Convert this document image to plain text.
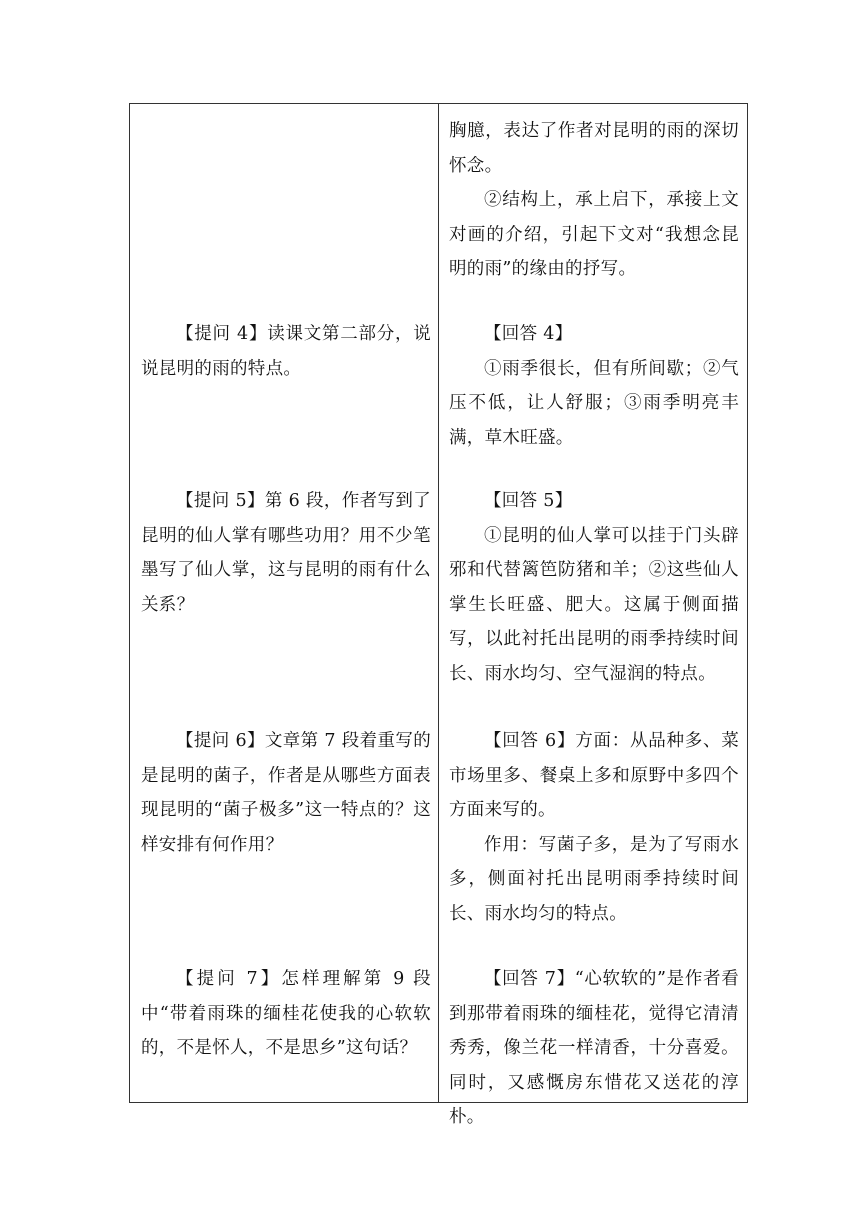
胸臆，表达了作者对昆明的雨的深切怀念。

②结构上，承上启下，承接上文对画的介绍，引起下文对“我想念昆明的雨”的缘由的抒写。

【提问 4】读课文第二部分，说说昆明的雨的特点。

【回答 4】

①雨季很长，但有所间歇；②气压不低，让人舒服；③雨季明亮丰满，草木旺盛。

【提问 5】第 6 段，作者写到了昆明的仙人掌有哪些功用？用不少笔墨写了仙人掌，这与昆明的雨有什么关系？

【回答 5】

①昆明的仙人掌可以挂于门头辟邪和代替篱笆防猪和羊；②这些仙人掌生长旺盛、肥大。这属于侧面描写，以此衬托出昆明的雨季持续时间长、雨水均匀、空气湿润的特点。

【提问 6】文章第 7 段着重写的是昆明的菌子，作者是从哪些方面表现昆明的“菌子极多”这一特点的？这样安排有何作用？

【回答 6】方面：从品种多、菜市场里多、餐桌上多和原野中多四个方面来写的。

作用：写菌子多，是为了写雨水多，侧面衬托出昆明雨季持续时间长、雨水均匀的特点。

【提问 7】怎样理解第 9 段中“带着雨珠的缅桂花使我的心软软的，不是怀人，不是思乡”这句话？

【回答 7】“心软软的”是作者看到那带着雨珠的缅桂花，觉得它清清秀秀，像兰花一样清香，十分喜爱。同时，又感慨房东惜花又送花的淳朴。
